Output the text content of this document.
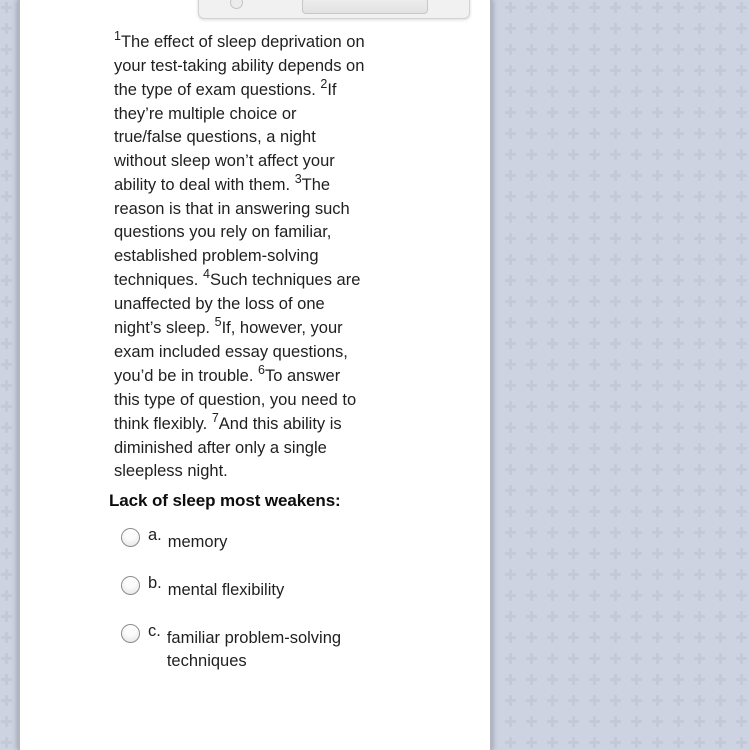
$^1$The effect of sleep deprivation on your test-taking ability depends on the type of exam questions. $^2$If they’re multiple choice or true/false questions, a night without sleep won’t affect your ability to deal with them. $^3$The reason is that in answering such questions you rely on familiar, established problem-solving techniques. $^4$Such techniques are unaffected by the loss of one night’s sleep. $^5$If, however, your exam included essay questions, you’d be in trouble. $^6$To answer this type of question, you need to think flexibly. $^7$And this ability is diminished after only a single sleepless night.

Lack of sleep most weakens:
a. memory
b. mental flexibility
c. familiar problem-solving techniques
